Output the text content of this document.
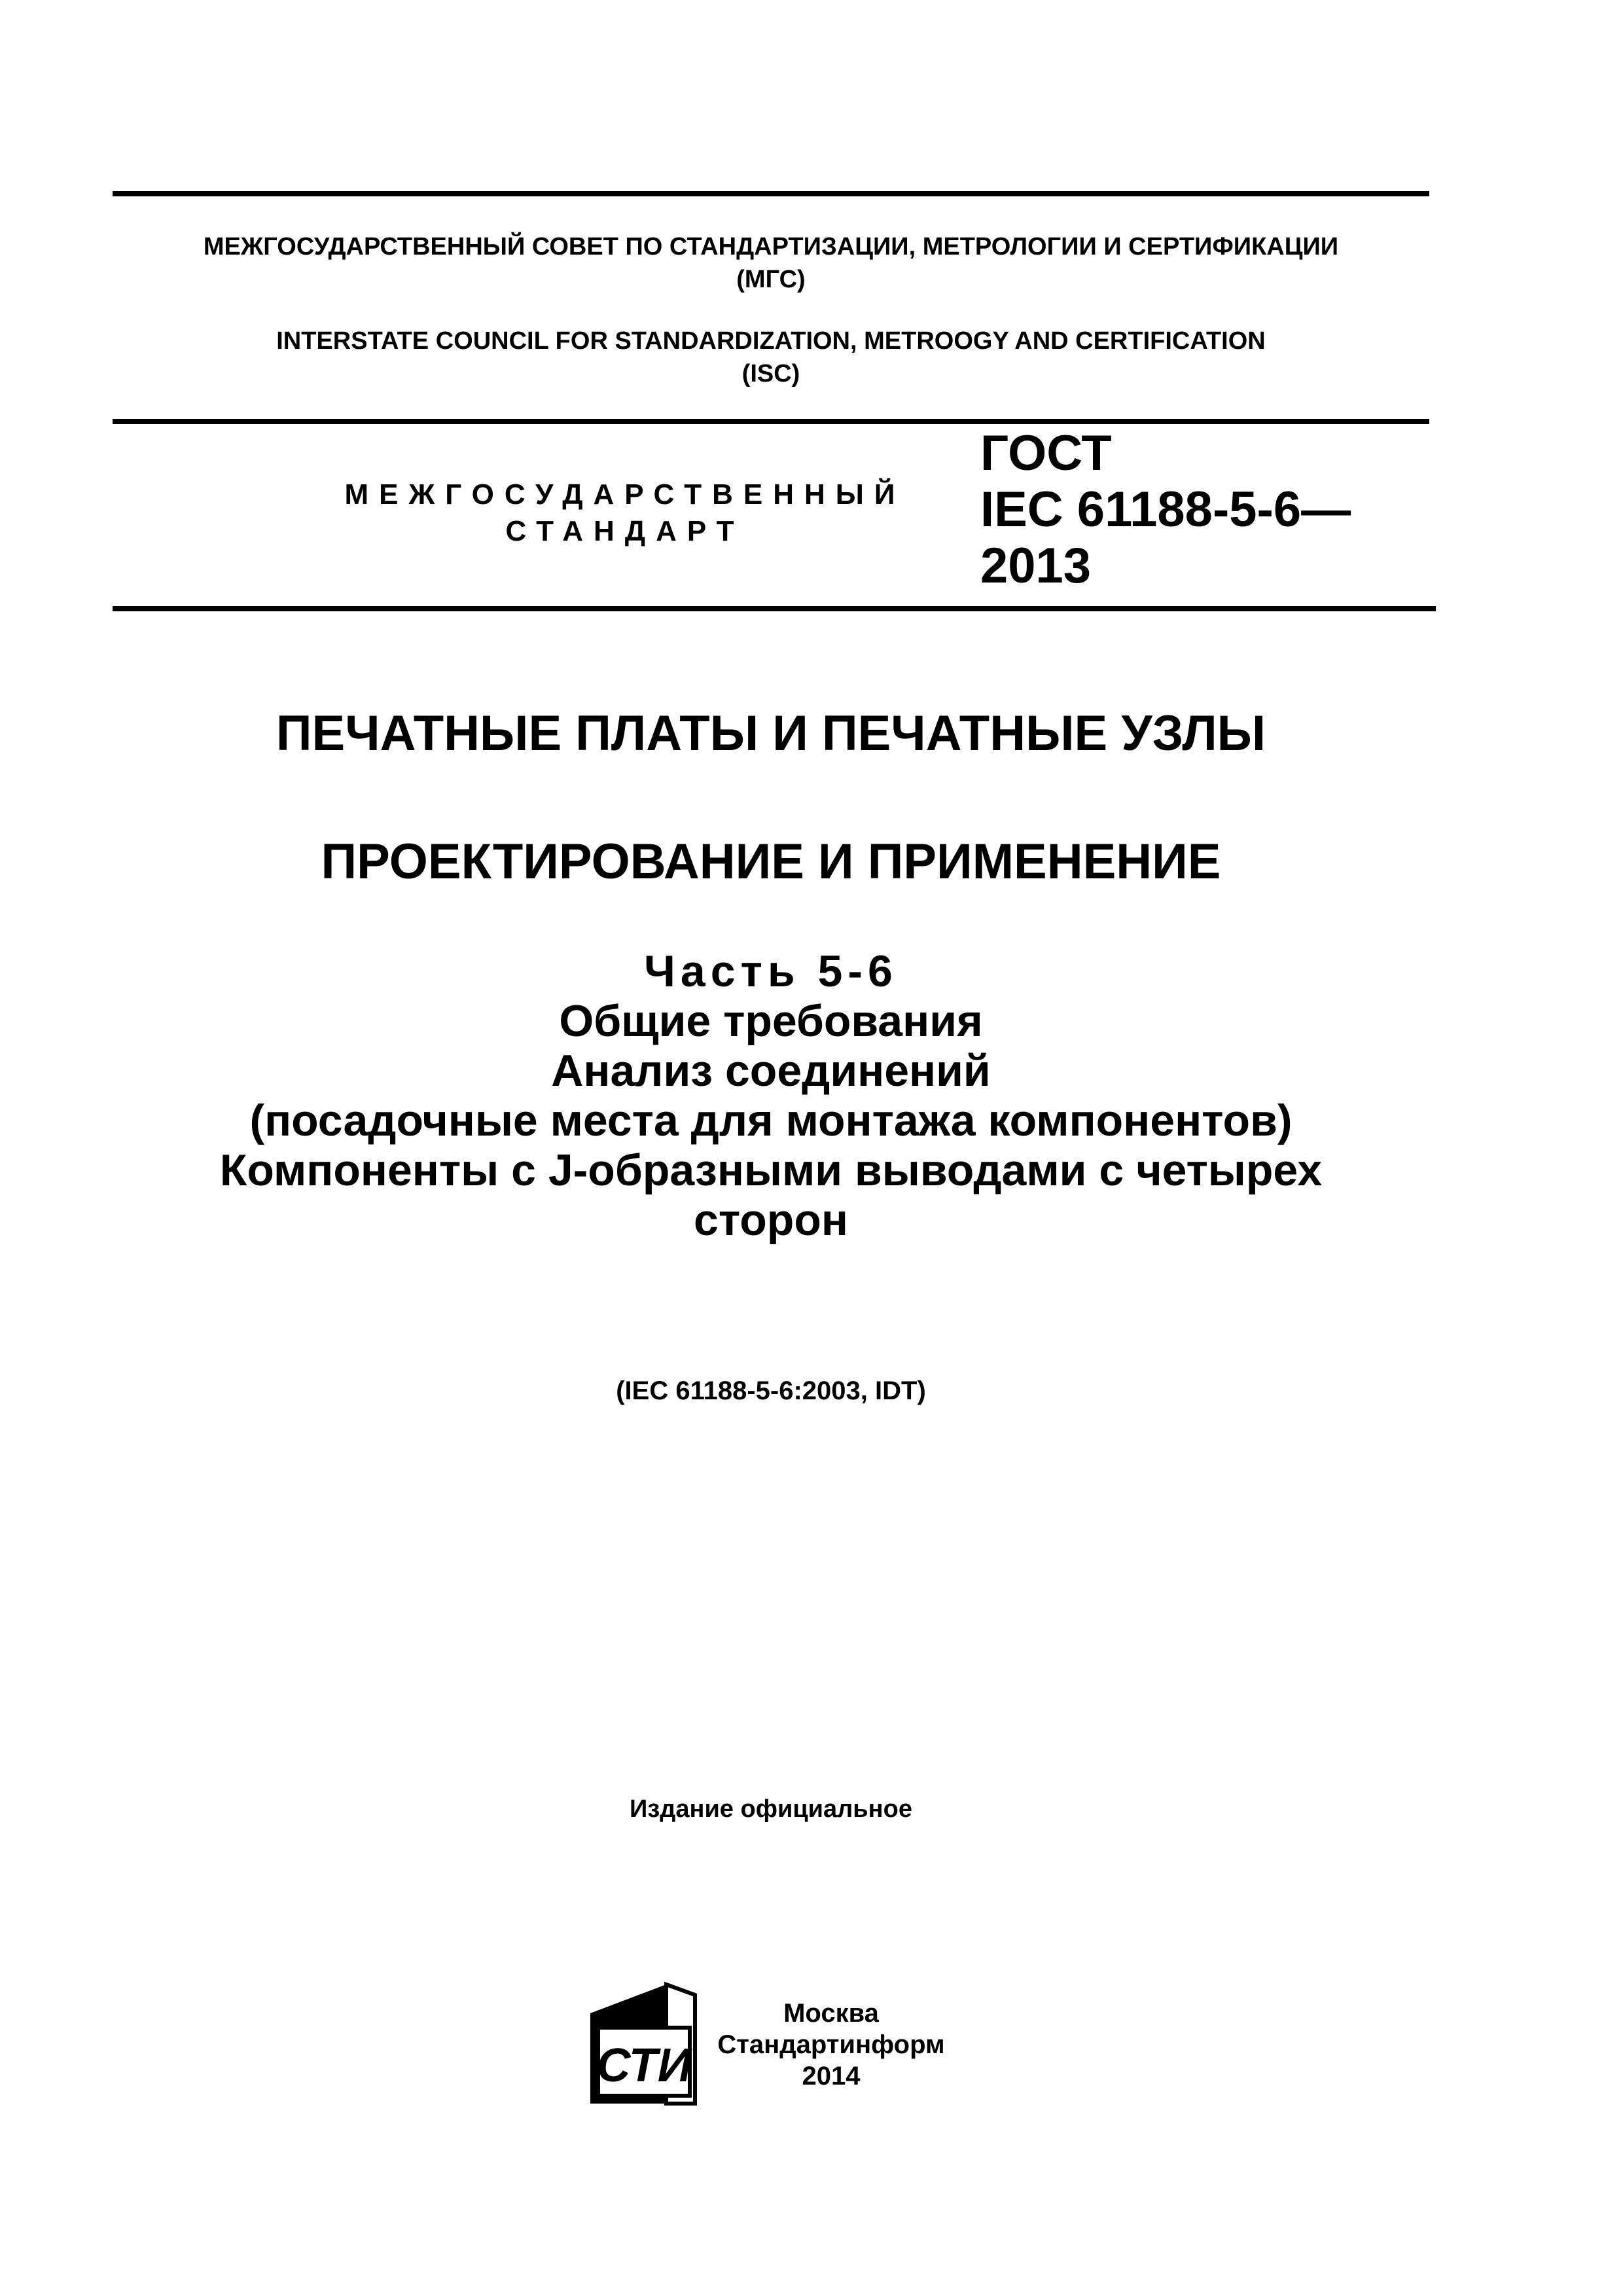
МЕЖГОСУДАРСТВЕННЫЙ СОВЕТ ПО СТАНДАРТИЗАЦИИ, МЕТРОЛОГИИ И СЕРТИФИКАЦИИ
(МГС)
INTERSTATE COUNCIL FOR STANDARDIZATION, METROOGY AND CERTIFICATION
(ISC)
МЕЖГОСУДАРСТВЕННЫЙ
СТАНДАРТ
ГОСТ
IEC 61188-5-6—
2013
ПЕЧАТНЫЕ ПЛАТЫ И ПЕЧАТНЫЕ УЗЛЫ
ПРОЕКТИРОВАНИЕ И ПРИМЕНЕНИЕ
Часть 5-6
Общие требования
Анализ соединений
(посадочные места для монтажа компонентов)
Компоненты с J-образными выводами с четырех
сторон
(IEC 61188-5-6:2003, IDT)
Издание официальное
СТИ
Москва
Стандартинформ
2014
